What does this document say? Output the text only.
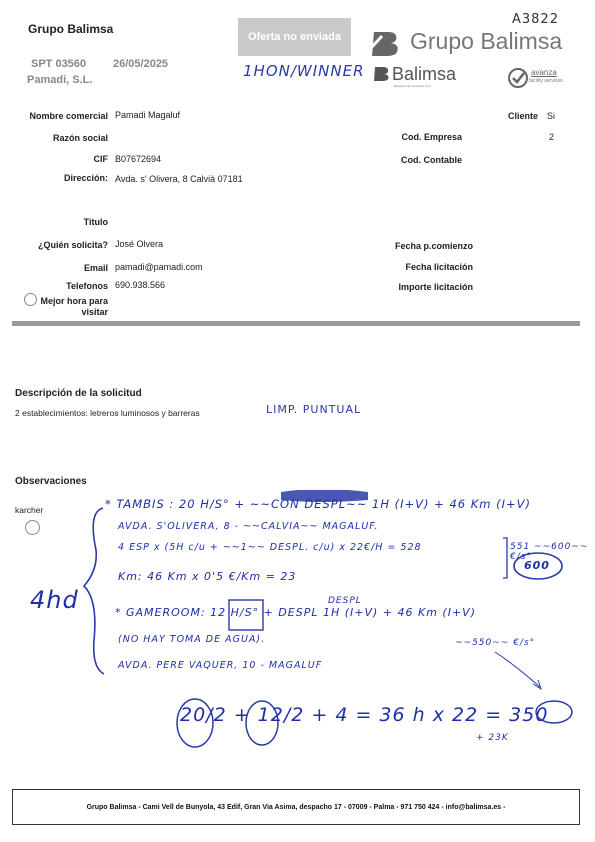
Grupo Balimsa
SPT 03560 26/05/2025
Pamadi, S.L.
Oferta no enviada	Grupo Balimsa
A3822
1HON/WINNER Balimsa
Business de Limpiezas S.A.
avanza
facility services
Nombre comercial Pamadi Magaluf
Razón social
CIF B07672694
Dirección: Avda. s' Olivera, 8 Calvià 07181
Cliente Si
Cod. Empresa	2
Cod. Contable
Titulo
¿Quién solicita? José Olvera
Email pamadi@pamadi.com
Telefonos 690.938.566
Mejor hora para visitar
Fecha p.comienzo
Fecha licitación
Importe licitación
Descripción de la solicitud
2 establecimientos: letreros luminosos y barreras	LIMP. PUNTUAL
Observaciones
karcher	* TAMBIS : 20 H/S° + ~~CON DESPL~~ 1H (I+V) + 46 Km (I+V)
AVDA. S'OLIVERA, 8 - ~~CALVIA~~ MAGALUF.
4 ESP x (5H c/u + ~~1~~ DESPL. c/u) x 22€/H = 528
Km: 46 Km x 0'5 €/Km = 23
* GAMEROOM: 12 H/S° + DESPL 1H (I+V) + 46 Km (I+V)
(NO HAY TOMA DE AGUA).
AVDA. PERE VAQUER, 10 - MAGALUF
4hd
551 ~~600~~ €/s°
600
~~550~~ €/s°
DESPL
20/2 + 12/2 + 4 = 36 h x 22 = 350
+ 23K
Grupo Balimsa - Cami Vell de Bunyola, 43 Edif, Gran Via Asima, despacho 17 - 07009 - Palma - 971 750 424 - info@balimsa.es -
